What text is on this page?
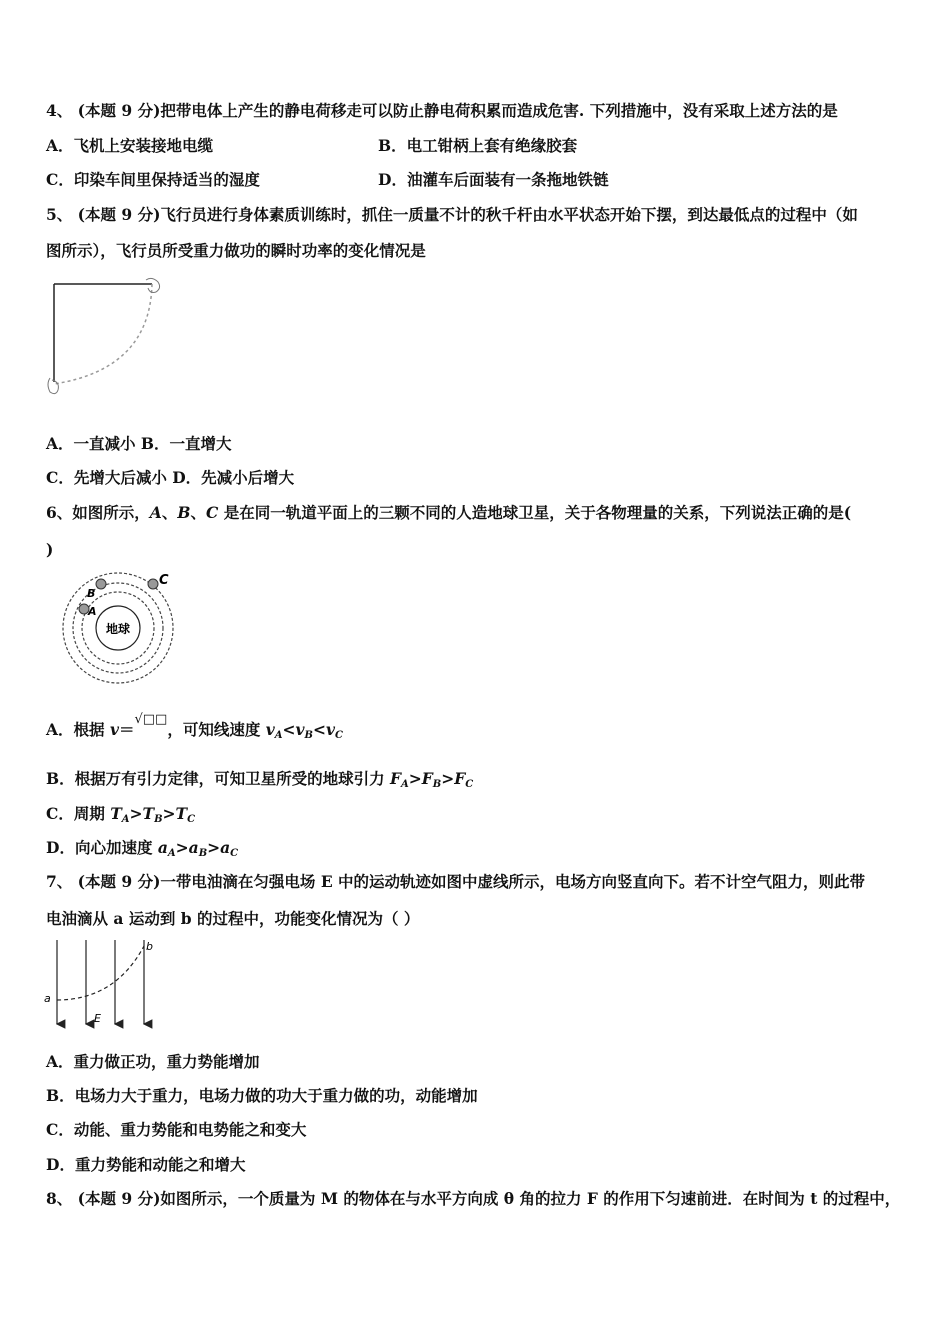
4、 (本题 9 分)把带电体上产生的静电荷移走可以防止静电荷积累而造成危害. 下列措施中，没有采取上述方法的是
A．飞机上安装接地电缆	B．电工钳柄上套有绝缘胶套
C．印染车间里保持适当的湿度	D．油灌车后面装有一条拖地铁链
5、 (本题 9 分)飞行员进行身体素质训练时，抓住一质量不计的秋千杆由水平状态开始下摆，到达最低点的过程中（如
图所示），飞行员所受重力做功的瞬时功率的变化情况是
A．一直减小 B．一直增大
C．先增大后减小 D．先减小后增大
6、如图所示，A、B、C 是在同一轨道平面上的三颗不同的人造地球卫星，关于各物理量的关系，下列说法正确的是(
)
地球
A
B
C
A．根据 v＝√□□，可知线速度 $v_A<v_B<v_C$
B．根据万有引力定律，可知卫星所受的地球引力 $F_A>F_B>F_C$
C．周期 $T_A>T_B>T_C$
D．向心加速度 $a_A>a_B>a_C$
7、 (本题 9 分)一带电油滴在匀强电场 E 中的运动轨迹如图中虚线所示，电场方向竖直向下。若不计空气阻力，则此带
电油滴从 a 运动到 b 的过程中，功能变化情况为（ ）
a
b
E
A．重力做正功，重力势能增加
B．电场力大于重力，电场力做的功大于重力做的功，动能增加
C．动能、重力势能和电势能之和变大
D．重力势能和动能之和增大
8、 (本题 9 分)如图所示，一个质量为 M 的物体在与水平方向成 θ 角的拉力 F 的作用下匀速前进．在时间为 t 的过程中，
